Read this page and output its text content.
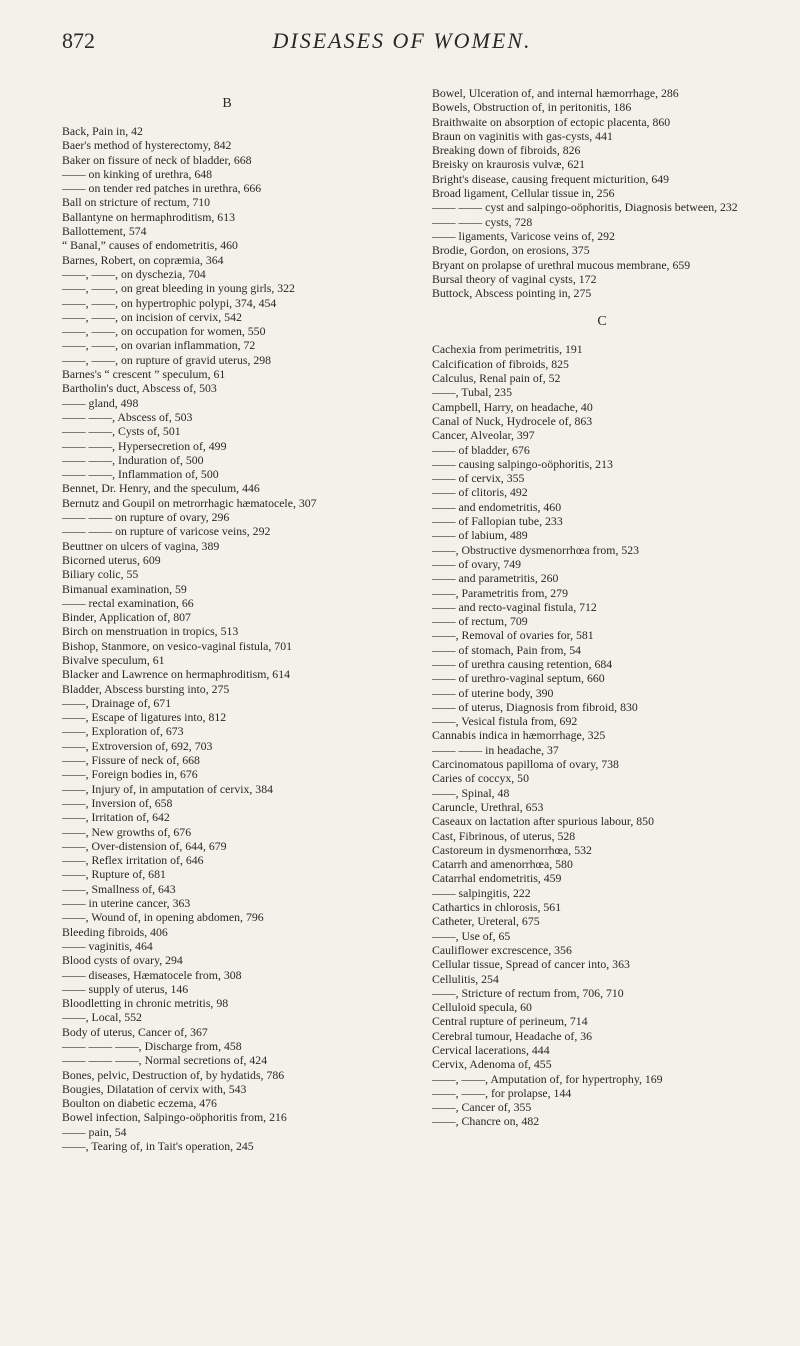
872	DISEASES OF WOMEN.
B
Back, Pain in, 42
Baer's method of hysterectomy, 842
Baker on fissure of neck of bladder, 668
—— on kinking of urethra, 648
—— on tender red patches in urethra, 666
Ball on stricture of rectum, 710
Ballantyne on hermaphroditism, 613
Ballottement, 574
“ Banal,” causes of endometritis, 460
Barnes, Robert, on copræmia, 364
——, ——, on dyschezia, 704
——, ——, on great bleeding in young girls, 322
——, ——, on hypertrophic polypi, 374, 454
——, ——, on incision of cervix, 542
——, ——, on occupation for women, 550
——, ——, on ovarian inflammation, 72
——, ——, on rupture of gravid uterus, 298
Barnes's “ crescent ” speculum, 61
Bartholin's duct, Abscess of, 503
—— gland, 498
—— ——, Abscess of, 503
—— ——, Cysts of, 501
—— ——, Hypersecretion of, 499
—— ——, Induration of, 500
—— ——, Inflammation of, 500
Bennet, Dr. Henry, and the speculum, 446
Bernutz and Goupil on metrorrhagic hæmatocele, 307
—— —— on rupture of ovary, 296
—— —— on rupture of varicose veins, 292
Beuttner on ulcers of vagina, 389
Bicorned uterus, 609
Biliary colic, 55
Bimanual examination, 59
—— rectal examination, 66
Binder, Application of, 807
Birch on menstruation in tropics, 513
Bishop, Stanmore, on vesico-vaginal fistula, 701
Bivalve speculum, 61
Blacker and Lawrence on hermaphroditism, 614
Bladder, Abscess bursting into, 275
——, Drainage of, 671
——, Escape of ligatures into, 812
——, Exploration of, 673
——, Extroversion of, 692, 703
——, Fissure of neck of, 668
——, Foreign bodies in, 676
——, Injury of, in amputation of cervix, 384
——, Inversion of, 658
——, Irritation of, 642
——, New growths of, 676
——, Over-distension of, 644, 679
——, Reflex irritation of, 646
——, Rupture of, 681
——, Smallness of, 643
—— in uterine cancer, 363
——, Wound of, in opening abdomen, 796
Bleeding fibroids, 406
—— vaginitis, 464
Blood cysts of ovary, 294
—— diseases, Hæmatocele from, 308
—— supply of uterus, 146
Bloodletting in chronic metritis, 98
——, Local, 552
Body of uterus, Cancer of, 367
—— —— ——, Discharge from, 458
—— —— ——, Normal secretions of, 424
Bones, pelvic, Destruction of, by hydatids, 786
Bougies, Dilatation of cervix with, 543
Boulton on diabetic eczema, 476
Bowel infection, Salpingo-oöphoritis from, 216
—— pain, 54
——, Tearing of, in Tait's operation, 245
Bowel, Ulceration of, and internal hæmorrhage, 286
Bowels, Obstruction of, in peritonitis, 186
Braithwaite on absorption of ectopic placenta, 860
Braun on vaginitis with gas-cysts, 441
Breaking down of fibroids, 826
Breisky on kraurosis vulvæ, 621
Bright's disease, causing frequent micturition, 649
Broad ligament, Cellular tissue in, 256
—— —— cyst and salpingo-oöphoritis, Diagnosis between, 232
—— —— cysts, 728
—— ligaments, Varicose veins of, 292
Brodie, Gordon, on erosions, 375
Bryant on prolapse of urethral mucous membrane, 659
Bursal theory of vaginal cysts, 172
Buttock, Abscess pointing in, 275
C
Cachexia from perimetritis, 191
Calcification of fibroids, 825
Calculus, Renal pain of, 52
——, Tubal, 235
Campbell, Harry, on headache, 40
Canal of Nuck, Hydrocele of, 863
Cancer, Alveolar, 397
—— of bladder, 676
—— causing salpingo-oöphoritis, 213
—— of cervix, 355
—— of clitoris, 492
—— and endometritis, 460
—— of Fallopian tube, 233
—— of labium, 489
——, Obstructive dysmenorrhœa from, 523
—— of ovary, 749
—— and parametritis, 260
——, Parametritis from, 279
—— and recto-vaginal fistula, 712
—— of rectum, 709
——, Removal of ovaries for, 581
—— of stomach, Pain from, 54
—— of urethra causing retention, 684
—— of urethro-vaginal septum, 660
—— of uterine body, 390
—— of uterus, Diagnosis from fibroid, 830
——, Vesical fistula from, 692
Cannabis indica in hæmorrhage, 325
—— —— in headache, 37
Carcinomatous papilloma of ovary, 738
Caries of coccyx, 50
——, Spinal, 48
Caruncle, Urethral, 653
Caseaux on lactation after spurious labour, 850
Cast, Fibrinous, of uterus, 528
Castoreum in dysmenorrhœa, 532
Catarrh and amenorrhœa, 580
Catarrhal endometritis, 459
—— salpingitis, 222
Cathartics in chlorosis, 561
Catheter, Ureteral, 675
——, Use of, 65
Cauliflower excrescence, 356
Cellular tissue, Spread of cancer into, 363
Cellulitis, 254
——, Stricture of rectum from, 706, 710
Celluloid specula, 60
Central rupture of perineum, 714
Cerebral tumour, Headache of, 36
Cervical lacerations, 444
Cervix, Adenoma of, 455
——, ——, Amputation of, for hypertrophy, 169
——, ——, for prolapse, 144
——, Cancer of, 355
——, Chancre on, 482
